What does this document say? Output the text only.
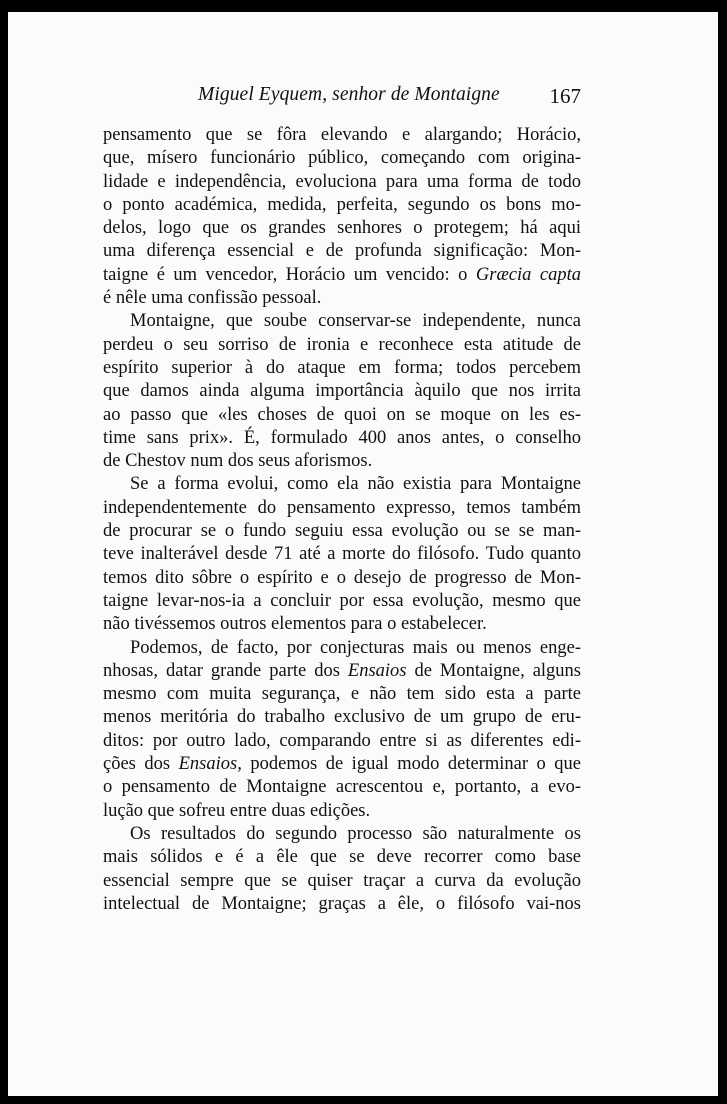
Miguel Eyquem, senhor de Montaigne 167
pensamento que se fôra elevando e alargando; Horácio,
que, mísero funcionário público, começando com origina-
lidade e independência, evoluciona para uma forma de todo
o ponto académica, medida, perfeita, segundo os bons mo-
delos, logo que os grandes senhores o protegem; há aqui
uma diferença essencial e de profunda significação: Mon-
taigne é um vencedor, Horácio um vencido: o Græcia capta
é nêle uma confissão pessoal.
Montaigne, que soube conservar-se independente, nunca
perdeu o seu sorriso de ironia e reconhece esta atitude de
espírito superior à do ataque em forma; todos percebem
que damos ainda alguma importância àquilo que nos irrita
ao passo que «les choses de quoi on se moque on les es-
time sans prix». É, formulado 400 anos antes, o conselho
de Chestov num dos seus aforismos.
Se a forma evolui, como ela não existia para Montaigne
independentemente do pensamento expresso, temos também
de procurar se o fundo seguiu essa evolução ou se se man-
teve inalterável desde 71 até a morte do filósofo. Tudo quanto
temos dito sôbre o espírito e o desejo de progresso de Mon-
taigne levar-nos-ia a concluir por essa evolução, mesmo que
não tivéssemos outros elementos para o estabelecer.
Podemos, de facto, por conjecturas mais ou menos enge-
nhosas, datar grande parte dos Ensaios de Montaigne, alguns
mesmo com muita segurança, e não tem sido esta a parte
menos meritória do trabalho exclusivo de um grupo de eru-
ditos: por outro lado, comparando entre si as diferentes edi-
ções dos Ensaios, podemos de igual modo determinar o que
o pensamento de Montaigne acrescentou e, portanto, a evo-
lução que sofreu entre duas edições.
Os resultados do segundo processo são naturalmente os
mais sólidos e é a êle que se deve recorrer como base
essencial sempre que se quiser traçar a curva da evolução
intelectual de Montaigne; graças a êle, o filósofo vai-nos
